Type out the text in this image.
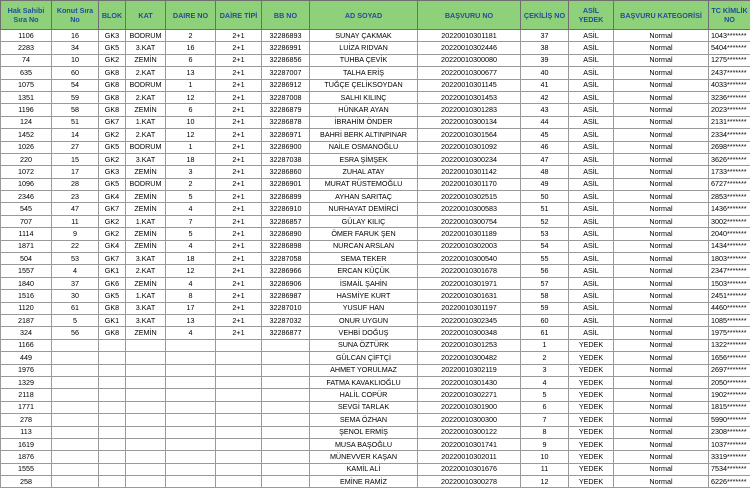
Hak Sahibi Sıra No	Konut Sıra No	BLOK	KAT	DAIRE NO	DAİRE TİPİ	BB NO	AD SOYAD	BAŞVURU NO	ÇEKİLİŞ NO	ASİL YEDEK	BAŞVURU KATEGORİSİ	TC KİMLİK NO
1106	16	GK3	BODRUM	2	2+1	32286893	SUNAY ÇAKMAK	20220010301181	37	ASİL	Normal	1043*******
2283	34	GK5	3.KAT	16	2+1	32286991	LUİZA RIDVAN	20220010302446	38	ASİL	Normal	5404*******
74	10	GK2	ZEMİN	6	2+1	32286856	TUHBA ÇEVİK	20220010300080	39	ASİL	Normal	1275*******
635	60	GK8	2.KAT	13	2+1	32287007	TALHA ERİŞ	20220010300677	40	ASİL	Normal	2437*******
1075	54	GK8	BODRUM	1	2+1	32286912	TUĞÇE ÇELİKSOYDAN	20220010301145	41	ASİL	Normal	4033*******
1351	59	GK8	2.KAT	12	2+1	32287008	SALHI KILINÇ	20220010301453	42	ASİL	Normal	3236*******
1196	58	GK8	ZEMİN	6	2+1	32286879	HÜNKAR AYAN	20220010301283	43	ASİL	Normal	2023*******
124	51	GK7	1.KAT	10	2+1	32286878	İBRAHİM ÖNDER	20220010300134	44	ASİL	Normal	2131*******
1452	14	GK2	2.KAT	12	2+1	32286971	BAHRİ BERK ALTINPINAR	20220010301564	45	ASİL	Normal	2334*******
1026	27	GK5	BODRUM	1	2+1	32286900	NAİLE OSMANOĞLU	20220010301092	46	ASİL	Normal	2698*******
220	15	GK2	3.KAT	18	2+1	32287038	ESRA ŞİMŞEK	20220010300234	47	ASİL	Normal	3626*******
1072	17	GK3	ZEMİN	3	2+1	32286860	ZUHAL ATAY	20220010301142	48	ASİL	Normal	1733*******
1096	28	GK5	BODRUM	2	2+1	32286901	MURAT RÜSTEMOĞLU	20220010301170	49	ASİL	Normal	6727*******
2346	23	GK4	ZEMİN	5	2+1	32286899	AYHAN SARITAÇ	20220010302515	50	ASİL	Normal	2853*******
545	47	GK7	ZEMİN	4	2+1	32286910	NURHAYAT DEMİRCİ	20220010300583	51	ASİL	Normal	1436*******
707	11	GK2	1.KAT	7	2+1	32286857	GÜLAY KILIÇ	20220010300754	52	ASİL	Normal	3002*******
1114	9	GK2	ZEMİN	5	2+1	32286890	ÖMER FARUK ŞEN	20220010301189	53	ASİL	Normal	2040*******
1871	22	GK4	ZEMİN	4	2+1	32286898	NURCAN ARSLAN	20220010302003	54	ASİL	Normal	1434*******
504	53	GK7	3.KAT	18	2+1	32287058	SEMA TEKER	20220010300540	55	ASİL	Normal	1803*******
1557	4	GK1	2.KAT	12	2+1	32286966	ERCAN KÜÇÜK	20220010301678	56	ASİL	Normal	2347*******
1840	37	GK6	ZEMİN	4	2+1	32286906	İSMAİL ŞAHİN	20220010301971	57	ASİL	Normal	1503*******
1516	30	GK5	1.KAT	8	2+1	32286987	HASMİYE KURT	20220010301631	58	ASİL	Normal	2451*******
1120	61	GK8	3.KAT	17	2+1	32287010	YUSUF HAN	20220010301197	59	ASİL	Normal	4460*******
2187	5	GK1	3.KAT	13	2+1	32287032	ONUR UYGUN	20220010302345	60	ASİL	Normal	1085*******
324	56	GK8	ZEMİN	4	2+1	32286877	VEHBİ DOĞUŞ	20220010300348	61	ASİL	Normal	1975*******
1166							SUNA ÖZTÜRK	20220010301253	1	YEDEK	Normal	1322*******
449							GÜLCAN ÇİFTÇİ	20220010300482	2	YEDEK	Normal	1656*******
1976							AHMET YORULMAZ	20220010302119	3	YEDEK	Normal	2697*******
1329							FATMA KAVAKLIOĞLU	20220010301430	4	YEDEK	Normal	2050*******
2118							HALİL COPÜR	20220010302271	5	YEDEK	Normal	1902*******
1771							SEVGİ TARLAK	20220010301900	6	YEDEK	Normal	1815*******
278							SEMA ÖZHAN	20220010300300	7	YEDEK	Normal	5990*******
113							ŞENOL ERMİŞ	20220010300122	8	YEDEK	Normal	2308*******
1619							MUSA BAŞOĞLU	20220010301741	9	YEDEK	Normal	1037*******
1876							MÜNEVVER KAŞAN	20220010302011	10	YEDEK	Normal	3319*******
1555							KAMİL ALİ	20220010301676	11	YEDEK	Normal	7534*******
258							EMİNE RAMİZ	20220010300278	12	YEDEK	Normal	6226*******
